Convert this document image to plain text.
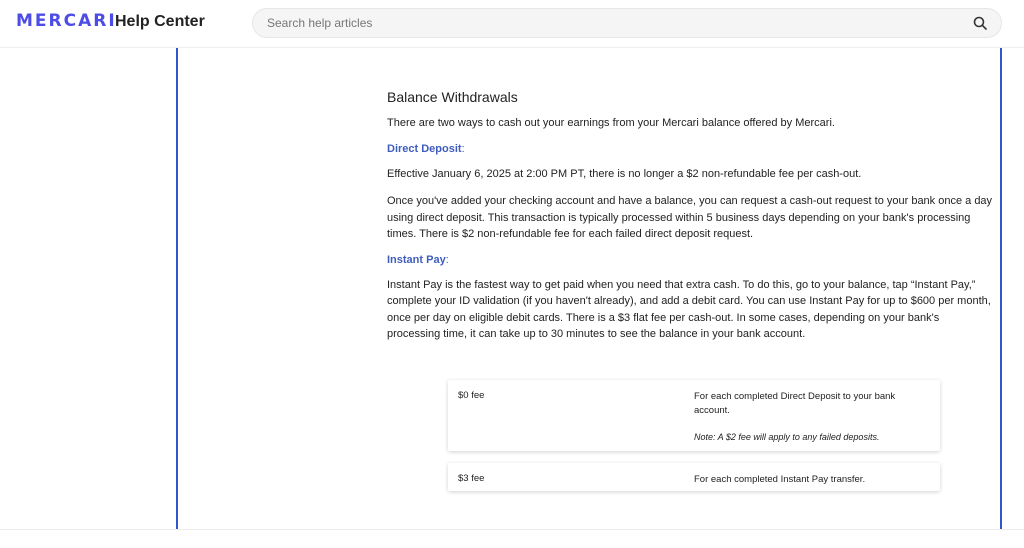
MERCARI
Help Center
Search help articles
Balance Withdrawals

There are two ways to cash out your earnings from your Mercari balance offered by Mercari.

Direct Deposit:

Effective January 6, 2025 at 2:00 PM PT, there is no longer a $2 non-refundable fee per cash-out.

Once you've added your checking account and have a balance, you can request a cash-out request to your bank once a day using direct deposit. This transaction is typically processed within 5 business days depending on your bank's processing times. There is $2 non-refundable fee for each failed direct deposit request.

Instant Pay:

Instant Pay is the fastest way to get paid when you need that extra cash. To do this, go to your balance, tap “Instant Pay,” complete your ID validation (if you haven't already), and add a debit card. You can use Instant Pay for up to $600 per month, once per day on eligible debit cards. There is a $3 flat fee per cash-out. In some cases, depending on your bank's processing time, it can take up to 30 minutes to see the balance in your bank account.

$0 fee	For each completed Direct Deposit to your bank account.
Note: A $2 fee will apply to any failed deposits.
$3 fee	For each completed Instant Pay transfer.
